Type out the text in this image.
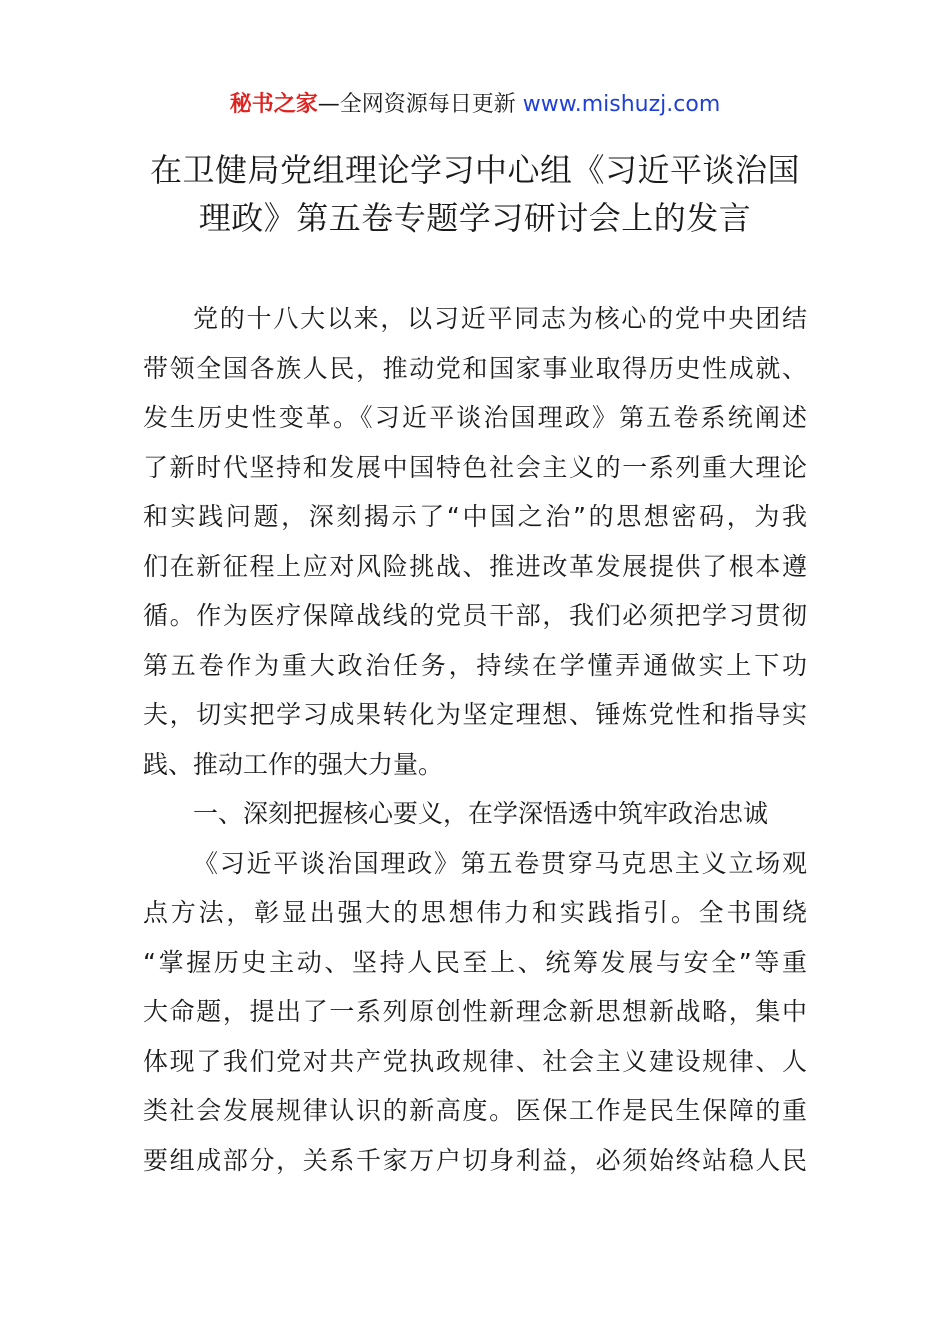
秘书之家—全网资源每日更新 www.mishuzj.com
在卫健局党组理论学习中心组《习近平谈治国
理政》第五卷专题学习研讨会上的发言
党的十八大以来，以习近平同志为核心的党中央团结
带领全国各族人民，推动党和国家事业取得历史性成就、
发生历史性变革。《习近平谈治国理政》第五卷系统阐述
了新时代坚持和发展中国特色社会主义的一系列重大理论
和实践问题，深刻揭示了“中国之治”的思想密码，为我
们在新征程上应对风险挑战、推进改革发展提供了根本遵
循。作为医疗保障战线的党员干部，我们必须把学习贯彻
第五卷作为重大政治任务，持续在学懂弄通做实上下功
夫，切实把学习成果转化为坚定理想、锤炼党性和指导实
践、推动工作的强大力量。
一、深刻把握核心要义，在学深悟透中筑牢政治忠诚
《习近平谈治国理政》第五卷贯穿马克思主义立场观
点方法，彰显出强大的思想伟力和实践指引。全书围绕
“掌握历史主动、坚持人民至上、统筹发展与安全”等重
大命题，提出了一系列原创性新理念新思想新战略，集中
体现了我们党对共产党执政规律、社会主义建设规律、人
类社会发展规律认识的新高度。医保工作是民生保障的重
要组成部分，关系千家万户切身利益，必须始终站稳人民
